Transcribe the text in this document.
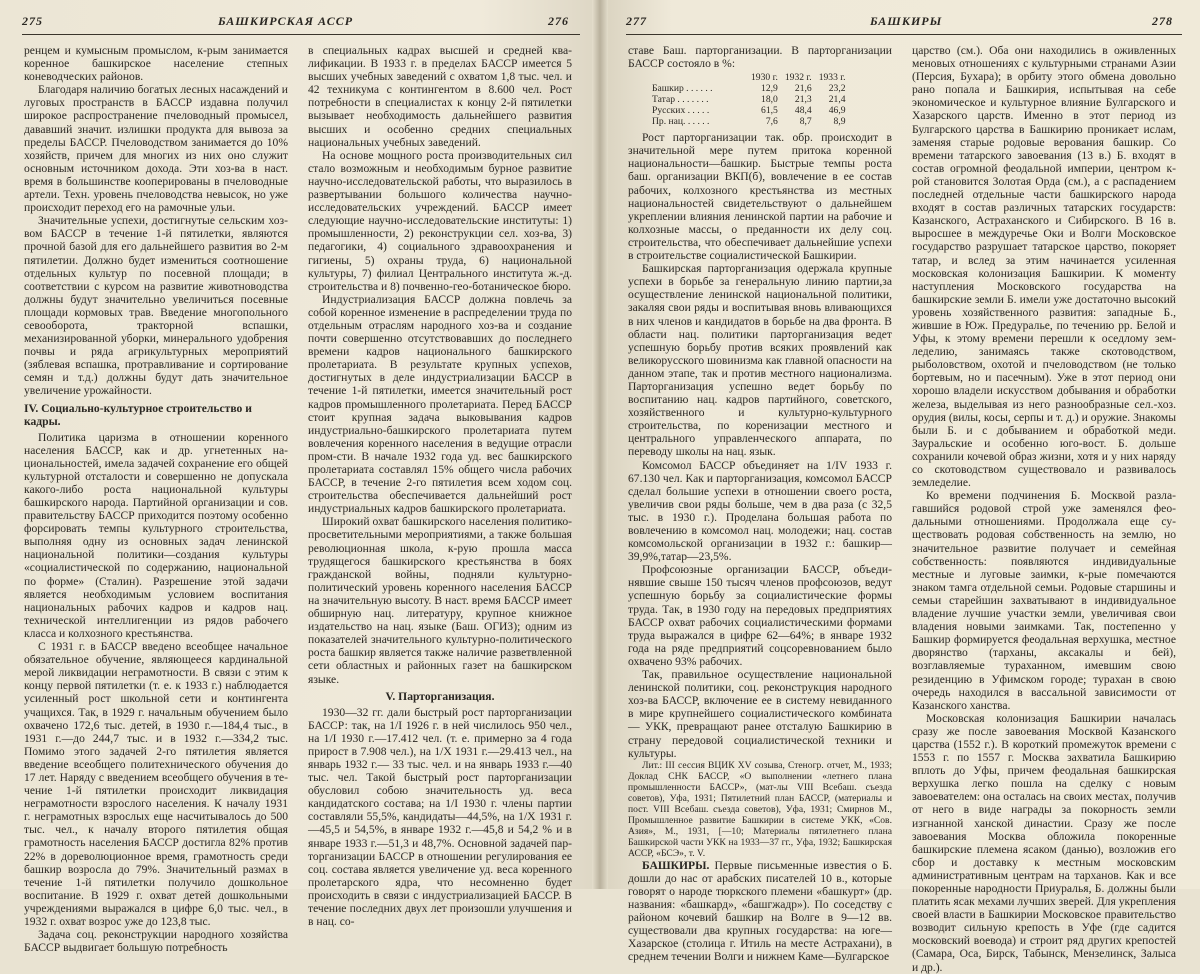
275	БАШКИРСКАЯ АССР	276

ренцем и кумысным промыслом, к-рым занимается коренное башкирское население степных коневодческих районов.

Благодаря наличию богатых лесных насаждений и луговых пространств в БАССР издавна получил широкое распространение пчеловодный промысел, дававший значит. излишки продукта для вывоза за пределы БАССР. Пчеловодством занимается до 10% хозяйств, причем для многих из них оно служит основным источником дохода. Эти хоз-ва в наст. время в большинстве кооперированы в пчеловодные артели. Техн. уровень пчеловодства невысок, но уже происходит переход его на рамочные ульи.

Значительные успехи, достигнутые сельским хоз-вом БАССР в течение 1-й пятилетки, являются прочной базой для его дальнейшего развития во 2-м пятилетии. Должно будет измениться соотношение отдельных культур по посевной площади; в соответствии с курсом на развитие животноводства должны будут значительно увеличиться посевные площади кормовых трав. Введение многопольного севооборота, тракторной вспашки, механизированной уборки, минерального удобрения почвы и ряда агрикультурных мероприятий (зяблевая вспашка, протравливание и сортирование семян и т.д.) должны будут дать значительное увеличение урожайности.

IV. Социально-культурное строительство и кадры.

Политика царизма в отношении коренного населения БАССР, как и др. угнетенных национальностей, имела задачей сохранение его общей культурной отсталости и совершенно не допускала какого-либо роста национальной культуры башкирского народа. Партийной организации и сов. правительству БАССР приходится поэтому особенно форсировать темпы культурного строительства, выполняя одну из основных задач ленинской национальной политики—создания культуры «социалистической по содержанию, национальной по форме» (Сталин). Разрешение этой задачи является необходимым условием воспитания национальных рабочих кадров и кадров нац. технической интеллигенции из рядов рабочего класса и колхозного крестьянства.

С 1931 г. в БАССР введено всеобщее начальное обязательное обучение, являющееся кардинальной мерой ликвидации неграмотности. В связи с этим к концу первой пятилетки (т. е. к 1933 г.) наблюдается усиленный рост школьной сети и контингента учащихся. Так, в 1929 г. начальным обучением было охвачено 172,6 тыс. детей, в 1930 г.—184,4 тыс., в 1931 г.—до 244,7 тыс. и в 1932 г.—334,2 тыс. Помимо этого задачей 2-го пятилетия является введение всеобщего политехнического обучения до 17 лет. Наряду с введением всеобщего обучения в течение 1-й пятилетки происходит ликвидация неграмотности взрослого населения. К началу 1931 г. неграмотных взрослых еще насчитывалось до 500 тыс. чел., к началу второго пятилетия общая грамотность населения БАССР достигла 82% против 22% в дореволюционное время, грамотность среди башкир возросла до 79%. Значительный размах в течение 1-й пятилетки получило дошкольное воспитание. В 1929 г. охват детей дошкольными учреждениями выражался в цифре 6,0 тыс. чел., в 1932 г. охват возрос уже до 123,8 тыс.

Задача соц. реконструкции народного хозяйства БАССР выдвигает большую потребность

в специальных кадрах высшей и средней квалификации. В 1933 г. в пределах БАССР имеется 5 высших учебных заведений с охватом 1,8 тыс. чел. и 42 техникума с контингентом в 8.600 чел. Рост потребности в специалистах к концу 2-й пятилетки вызывает необходимость дальнейшего развития высших и особенно средних специальных национальных учебных заведений.

На основе мощного роста производительных сил стало возможным и необходимым бурное развитие научно-исследовательской работы, что выразилось в развертывании большого количества научно-исследовательских учреждений. БАССР имеет следующие научно-исследовательские институты: 1) промышленности, 2) реконструкции сел. хоз-ва, 3) педагогики, 4) социального здравоохранения и гигиены, 5) охраны труда, 6) национальной культуры, 7) филиал Центрального института ж.-д. строительства и 8) почвенно-гео-ботаническое бюро.

Индустриализация БАССР должна повлечь за собой коренное изменение в распределении труда по отдельным отраслям народного хоз-ва и создание почти совершенно отсутствовавших до последнего времени кадров национального башкирского пролетариата. В результате крупных успехов, достигнутых в деле индустриализации БАССР в течение 1-й пятилетки, имеется значительный рост кадров промышленного пролетариата. Перед БАССР стоит крупная задача выковывания кадров индустриально-башкирского пролетариата путем вовлечения коренного населения в ведущие отрасли пром-сти. В начале 1932 года уд. вес башкирского пролетариата составлял 15% общего числа рабочих БАССР, в течение 2-го пятилетия всем ходом соц. строительства обеспечивается дальнейший рост индустриальных кадров башкирского пролетариата.

Широкий охват башкирского населения политико-просветительными мероприятиями, а также большая революционная школа, к-рую прошла масса трудящегося башкирского крестьянства в боях гражданской войны, подняли культурно-политический уровень коренного населения БАССР на значительную высоту. В наст. время БАССР имеет обширную нац. литературу, крупное книжное издательство на нац. языке (Баш. ОГИЗ); одним из показателей значительного культурно-политического роста башкир является также наличие разветвленной сети областных и районных газет на башкирском языке.

V. Парторганизация.

1930—32 гг. дали быстрый рост парторганизации БАССР: так, на 1/I 1926 г. в ней числилось 950 чел., на 1/I 1930 г.—17.412 чел. (т. е. примерно за 4 года прирост в 7.908 чел.), на 1/X 1931 г.—29.413 чел., на январь 1932 г.— 33 тыс. чел. и на январь 1933 г.—40 тыс. чел. Такой быстрый рост парторганизации обусловил собою значительность уд. веса кандидатского состава; на 1/I 1930 г. члены партии составляли 55,5%, кандидаты—44,5%, на 1/X 1931 г.—45,5 и 54,5%, в январе 1932 г.—45,8 и 54,2 % и в январе 1933 г.—51,3 и 48,7%. Основной задачей парторганизации БАССР в отношении регулирования ее соц. состава является увеличение уд. веса коренного пролетарского ядра, что несомненно будет происходить в связи с индустриализацией БАССР. В течение последних двух лет произошли улучшения и в нац. со-

277	БАШКИРЫ	278

ставе Баш. парторганизации. В парторганизации БАССР состояло в %:

	1930 г.	1932 г.	1933 г.
Башкир . . . . . .	12,9	21,6	23,2
Татар . . . . . . .	18,0	21,3	21,4
Русских . . . . .	61,5	48,4	46,9
Пр. нац. . . . . .	7,6	8,7	8,9

Рост парторганизации так. обр. происходит в значительной мере путем притока коренной национальности—башкир. Быстрые темпы роста баш. организации ВКП(б), вовлечение в ее состав рабочих, колхозного крестьянства из местных национальностей свидетельствуют о дальнейшем укреплении влияния ленинской партии на рабочие и колхозные массы, о преданности их делу соц. строительства, что обеспечивает дальнейшие успехи в строительстве социалистической Башкирии.

Башкирская парторганизация одержала крупные успехи в борьбе за генеральную линию партии,за осуществление ленинской национальной политики, закаляя свои ряды и воспитывая вновь вливающихся в них членов и кандидатов в борьбе на два фронта. В области нац. политики парторганизация ведет успешную борьбу против всяких проявлений как великорусского шовинизма как главной опасности на данном этапе, так и против местного национализма. Парторганизация успешно ведет борьбу по воспитанию нац. кадров партийного, советского, хозяйственного и культурно-культурного строительства, по коренизации местного и центрального управленческого аппарата, по переводу школы на нац. язык.

Комсомол БАССР объединяет на 1/IV 1933 г. 67.130 чел. Как и парторганизация, комсомол БАССР сделал большие успехи в отношении своего роста, увеличив свои ряды больше, чем в два раза (с 32,5 тыс. в 1930 г.). Проделана большая работа по вовлечению в комсомол нац. молодежи; нац. состав комсомольской организации в 1932 г.: башкир—39,9%,татар—23,5%.

Профсоюзные организации БАССР, объединявшие свыше 150 тысяч членов профсоюзов, ведут успешную борьбу за социалистические формы труда. Так, в 1930 году на передовых предприятиях БАССР охват рабочих социалистическими формами труда выражался в цифре 62—64%; в январе 1932 года на ряде предприятий соцсоревнованием было охвачено 93% рабочих.

Так, правильное осуществление национальной ленинской политики, соц. реконструкция народного хоз-ва БАССР, включение ее в систему невиданного в мире крупнейшего социалистического комбината — УКК, превращают ранее отсталую Башкирию в страну передовой социалистической техники и культуры.

Лит.: III сессия ВЦИК XV созыва, Стеногр. отчет, М., 1933; Доклад СНК БАССР, «О выполнении «летнего плана промышленности БАССР», (мат-лы VIII Всебаш. съезда советов), Уфа, 1931; Пятилетний план БАССР, (материалы и пост. VIII Всебаш. съезда советов), Уфа, 1931; Смирнов М., Промышленное развитие Башкирии в системе УКК, «Сов. Азия», М., 1931, [—10; Материалы пятилетнего плана Башкирской части УКК на 1933—37 гг., Уфа, 1932; Башкирская АССР, «БСЭ», т. V.

БАШКИРЫ. Первые письменные известия о Б. дошли до нас от арабских писателей 10 в., которые говорят о народе тюркского племени «башкурт» (др. названия: «башкард», «башгжадр»). По соседству с районом кочевий башкир на Волге в 9—12 вв. существовали два крупных государства: на юге—Хазарское (столица г. Итиль на месте Астрахани), в среднем течении Волги и нижнем Каме—Булгарское

царство (см.). Оба они находились в оживленных меновых отношениях с культурными странами Азии (Персия, Бухара); в орбиту этого обмена довольно рано попала и Башкирия, испытывая на себе экономическое и культурное влияние Булгарского и Хазарского царств. Именно в этот период из Булгарского царства в Башкирию проникает ислам, заменяя старые родовые верования башкир. Со времени татарского завоевания (13 в.) Б. входят в состав огромной феодальной империи, центром к-рой становится Золотая Орда (см.), а с распадением последней отдельные части башкирского народа входят в состав различных татарских государств: Казанского, Астраханского и Сибирского. В 16 в. выросшее в междуречье Оки и Волги Московское государство разрушает татарское царство, покоряет татар, и вслед за этим начинается усиленная московская колонизация Башкирии. К моменту наступления Московского государства на башкирские земли Б. имели уже достаточно высокий уровень хозяйственного развития: западные Б., жившие в Юж. Предуралье, по течению рр. Белой и Уфы, к этому времени перешли к оседлому земледелию, занимаясь также скотоводством, рыболовством, охотой и пчеловодством (не только бортевым, но и пасечным). Уже в этот период они хорошо владели искусством добывания и обработки железа, выделывая из него разнообразные сел.-хоз. орудия (вилы, косы, серпы и т. д.) и оружие. Знакомы были Б. и с добыванием и обработкой меди. Зауральские и особенно юго-вост. Б. дольше сохранили кочевой образ жизни, хотя и у них наряду со скотоводством существовало и развивалось земледелие.

Ко времени подчинения Б. Москвой разлагавшийся родовой строй уже заменялся феодальными отношениями. Продолжала еще существовать родовая собственность на землю, но значительное развитие получает и семейная собственность: появляются индивидуальные местные и луговые заимки, к-рые помечаются знаком тамга отдельной семьи. Родовые старшины и семьи старейшин захватывают в индивидуальное владение лучшие участки земли, увеличивая свои владения новыми заимками. Так, постепенно у Башкир формируется феодальная верхушка, местное дворянство (тарханы, аксакалы и бей), возглавляемые тураханном, имевшим свою резиденцию в Уфимском городе; турахан в свою очередь находился в вассальной зависимости от Казанского ханства.

Московская колонизация Башкирии началась сразу же после завоевания Москвой Казанского царства (1552 г.). В короткий промежуток времени с 1553 г. по 1557 г. Москва захватила Башкирию вплоть до Уфы, причем феодальная башкирская верхушка легко пошла на сделку с новым завоевателем: она осталась на своих местах, получив от него в виде награды за покорность земли изгнанной ханской династии. Сразу же после завоевания Москва обложила покоренные башкирские племена ясаком (данью), возложив его сбор и доставку к местным московским административным центрам на тарханов. Как и все покоренные народности Приуралья, Б. должны были платить ясак мехами лучших зверей. Для укрепления своей власти в Башкирии Московское правительство возводит сильную крепость в Уфе (где садится московский воевода) и строит ряд других крепостей (Самара, Оса, Бирск, Табынск, Мензелинск, Залыса и др.).
